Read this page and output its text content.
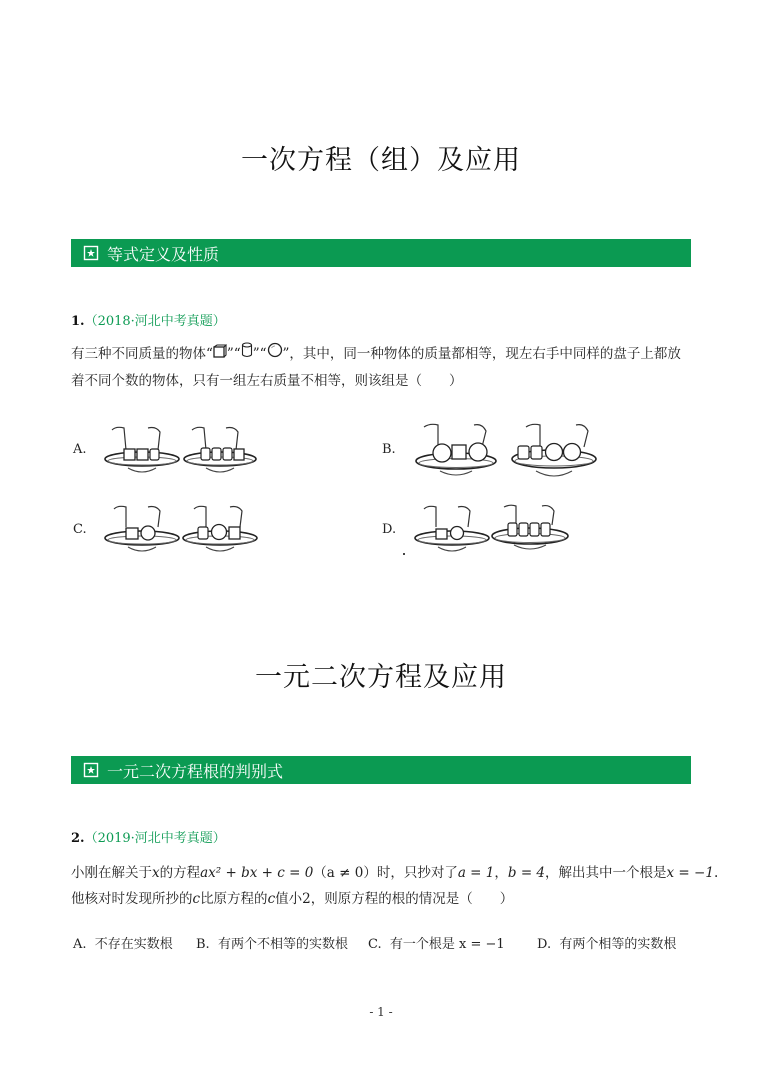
一次方程（组）及应用
等式定义及性质
1.（2018·河北中考真题）
有三种不同质量的物体“ ”“ ”“ ”，其中，同一种物体的质量都相等，现左右手中同样的盘子上都放
着不同个数的物体，只有一组左右质量不相等，则该组是（　　）
A.	B.
C.	D.
一元二次方程及应用
一元二次方程根的判别式
2.（2019·河北中考真题）
小刚在解关于x的方程ax² + bx + c = 0（a ≠ 0）时，只抄对了a = 1，b = 4，解出其中一个根是x = −1.
他核对时发现所抄的c比原方程的c值小2，则原方程的根的情况是（　　）
A. 不存在实数根 B. 有两个不相等的实数根 C. 有一个根是 x = −1 D. 有两个相等的实数根
- 1 -
